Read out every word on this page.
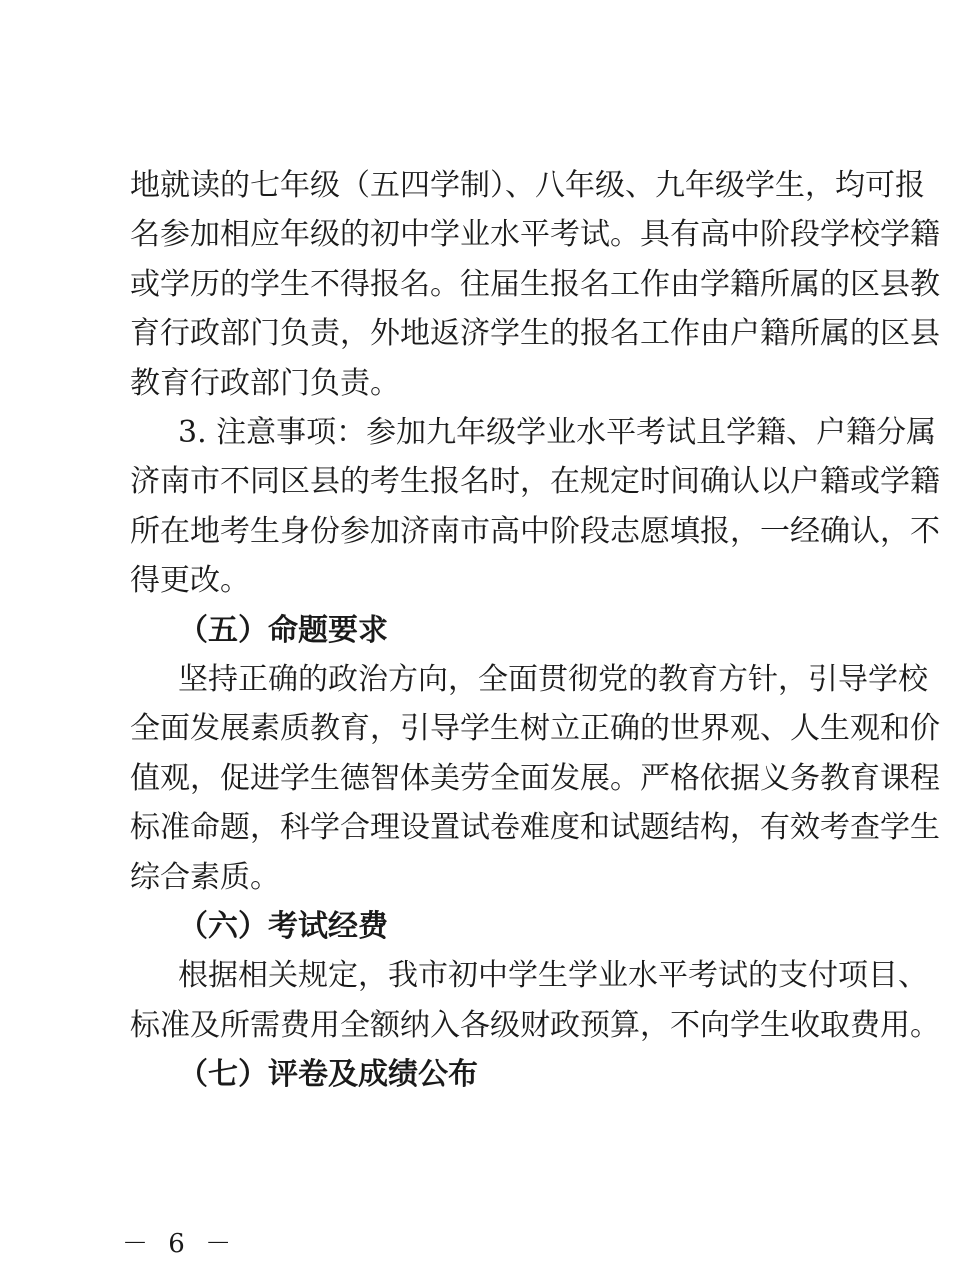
地就读的七年级（五四学制）、八年级、九年级学生，均可报
名参加相应年级的初中学业水平考试。具有高中阶段学校学籍
或学历的学生不得报名。往届生报名工作由学籍所属的区县教
育行政部门负责，外地返济学生的报名工作由户籍所属的区县
教育行政部门负责。
3. 注意事项：参加九年级学业水平考试且学籍、户籍分属
济南市不同区县的考生报名时，在规定时间确认以户籍或学籍
所在地考生身份参加济南市高中阶段志愿填报，一经确认，不
得更改。
（五）命题要求
坚持正确的政治方向，全面贯彻党的教育方针，引导学校
全面发展素质教育，引导学生树立正确的世界观、人生观和价
值观，促进学生德智体美劳全面发展。严格依据义务教育课程
标准命题，科学合理设置试卷难度和试题结构，有效考查学生
综合素质。
（六）考试经费
根据相关规定，我市初中学生学业水平考试的支付项目、
标准及所需费用全额纳入各级财政预算，不向学生收取费用。
（七）评卷及成绩公布
－ 6 －
